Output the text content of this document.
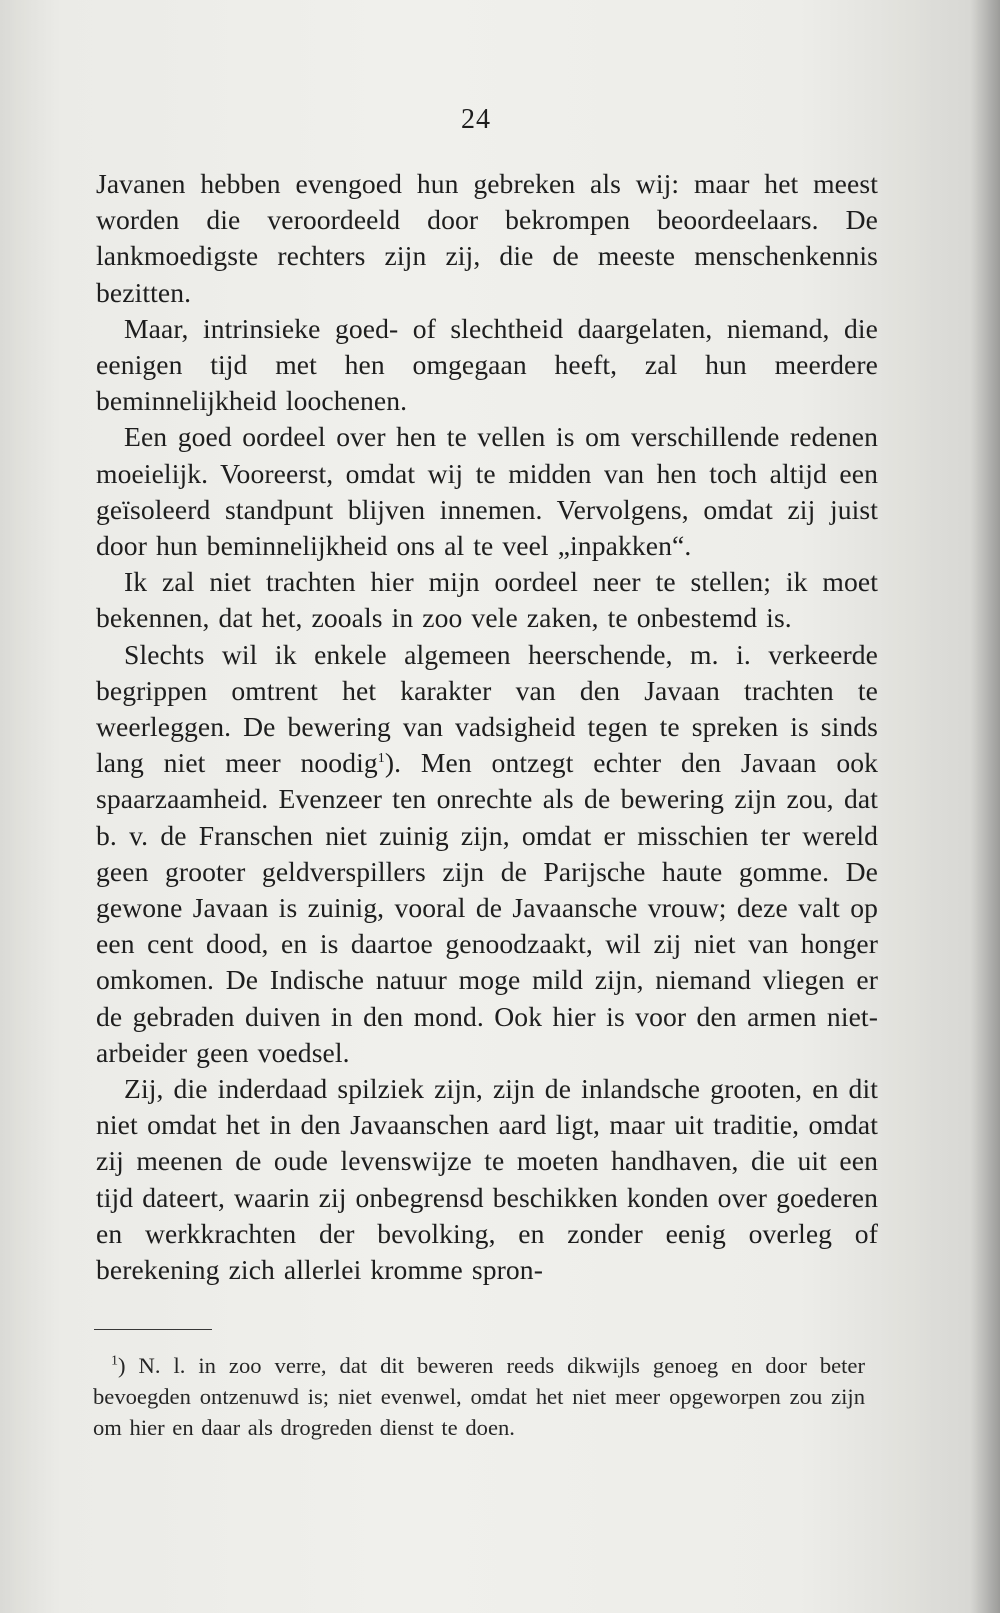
24

Javanen hebben evengoed hun gebreken als wij: maar het meest worden die veroordeeld door bekrompen beoordeelaars. De lankmoedigste rechters zijn zij, die de meeste menschenkennis bezitten.

Maar, intrinsieke goed- of slechtheid daargelaten, niemand, die eenigen tijd met hen omgegaan heeft, zal hun meerdere beminnelijkheid loochenen.

Een goed oordeel over hen te vellen is om verschillende redenen moeielijk. Vooreerst, omdat wij te midden van hen toch altijd een geïsoleerd standpunt blijven innemen. Vervolgens, omdat zij juist door hun beminnelijkheid ons al te veel „inpakken“.

Ik zal niet trachten hier mijn oordeel neer te stellen; ik moet bekennen, dat het, zooals in zoo vele zaken, te onbestemd is.

Slechts wil ik enkele algemeen heerschende, m. i. verkeerde begrippen omtrent het karakter van den Javaan trachten te weerleggen. De bewering van vadsigheid tegen te spreken is sinds lang niet meer noodig$^1$). Men ontzegt echter den Javaan ook spaarzaamheid. Evenzeer ten onrechte als de bewering zijn zou, dat b. v. de Franschen niet zuinig zijn, omdat er misschien ter wereld geen grooter geldverspillers zijn de Parijsche haute gomme. De gewone Javaan is zuinig, vooral de Javaansche vrouw; deze valt op een cent dood, en is daartoe genoodzaakt, wil zij niet van honger omkomen. De Indische natuur moge mild zijn, niemand vliegen er de gebraden duiven in den mond. Ook hier is voor den armen niet-arbeider geen voedsel.

Zij, die inderdaad spilziek zijn, zijn de inlandsche grooten, en dit niet omdat het in den Javaanschen aard ligt, maar uit traditie, omdat zij meenen de oude levenswijze te moeten handhaven, die uit een tijd dateert, waarin zij onbegrensd beschikken konden over goederen en werkkrachten der bevolking, en zonder eenig overleg of berekening zich allerlei kromme spron-

$^1$) N. l. in zoo verre, dat dit beweren reeds dikwijls genoeg en door beter bevoegden ontzenuwd is; niet evenwel, omdat het niet meer opgeworpen zou zijn om hier en daar als drogreden dienst te doen.
